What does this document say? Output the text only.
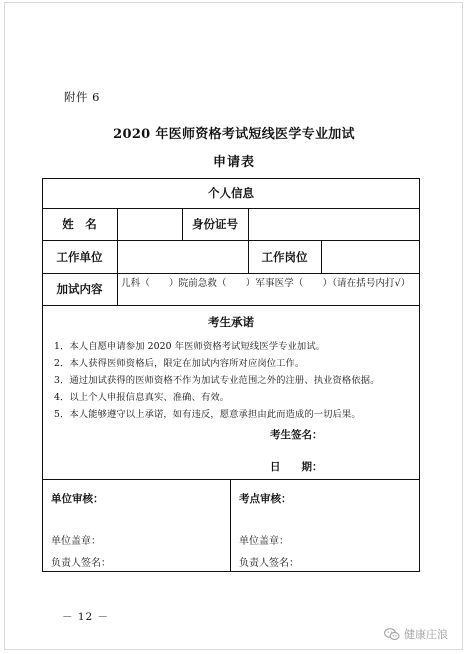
附件 6
2020 年医师资格考试短线医学专业加试
申请表
个人信息
姓　名	身份证号
工作单位	工作岗位
加试内容	儿科（　　）院前急救（　　）军事医学（　　）（请在括号内打√）
考生承诺
1．本人自愿申请参加 2020 年医师资格考试短线医学专业加试。
2．本人获得医师资格后，限定在加试内容所对应岗位工作。
3．通过加试获得的医师资格不作为加试专业范围之外的注册、执业资格依据。
4．以上个人申报信息真实、准确、有效。
5．本人能够遵守以上承诺，如有违反，愿意承担由此而造成的一切后果。
考生签名：
日　　期：
单位审核：
单位盖章：
负责人签名：
考点审核：
单位盖章：
负责人签名：
－ 12 －
健康庄浪
